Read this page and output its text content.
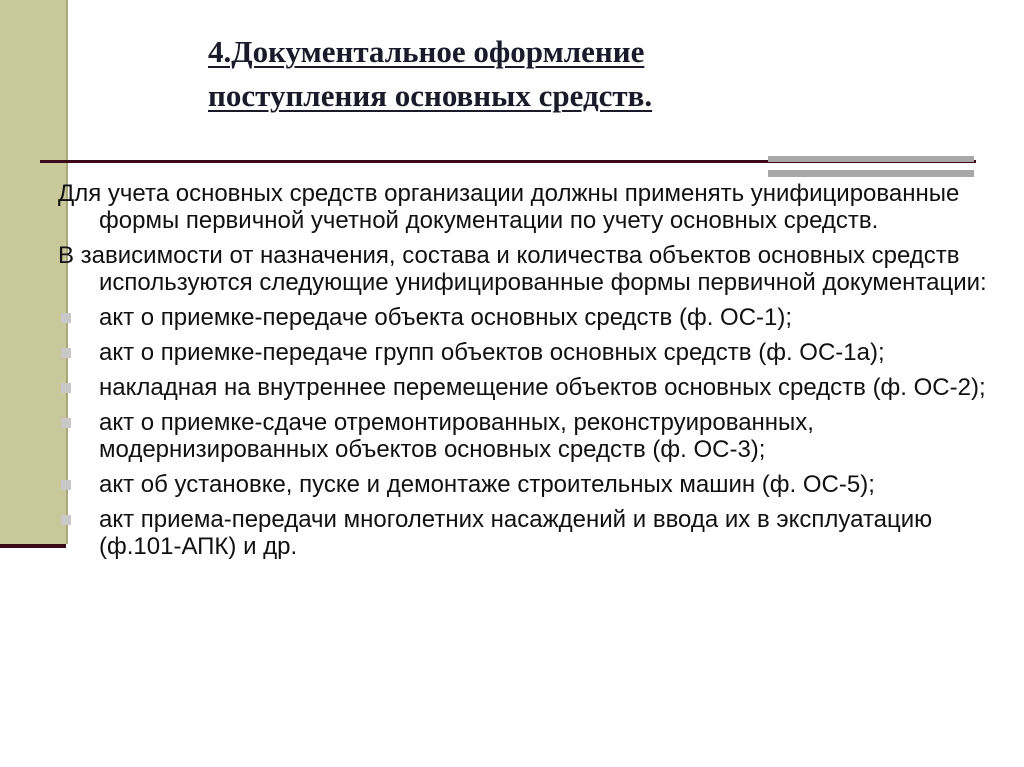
4.Документальное оформление
поступления основных средств.

Для учета основных средств организации должны применять унифицированные формы первичной учетной документации по учету основных средств.

В зависимости от назначения, состава и количества объектов основных средств используются следующие унифицированные формы первичной документации:

акт о приемке-передаче объекта основных средств (ф. ОС-1);
акт о приемке-передаче групп объектов основных средств (ф. ОС-1а);
накладная на внутреннее перемещение объектов основных средств (ф. ОС-2);
акт о приемке-сдаче отремонтированных, реконструированных, модернизированных объектов основных средств (ф. ОС-3);
акт об установке, пуске и демонтаже строительных машин (ф. ОС-5);
акт приема-передачи многолетних насаждений и ввода их в эксплуатацию (ф.101-АПК) и др.
